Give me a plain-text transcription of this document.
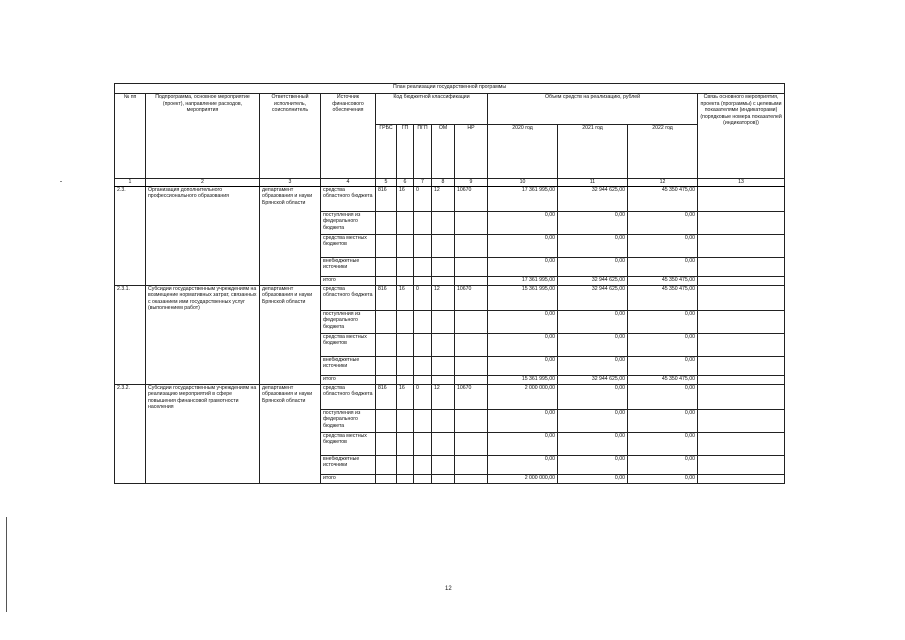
План реализации государственной программы												
№ пп	Подпрограмма, основное мероприятие (проект), направление расходов, мероприятия	Ответственный исполнитель, соисполнитель	Источник финансового обеспечения	Код бюджетной классификации					Объем средств на реализацию, рублей			Связь основного мероприятия, проекта (программы) с целевыми показателями (индикаторами) (порядковые номера показателей (индикаторов))
				ГРБС	ГП	ПГП	ОМ	НР	2020 год	2021 год	2022 год	
1	2	3	4	5	6	7	8	9	10	11	12	13
2.3.	Организация дополнительного профессионального образования	департамент образования и науки Брянской области	средства областного бюджета	816	16	0	12	10670	17 361 995,00	32 944 625,00	45 350 475,00	
			поступления из федерального бюджета						0,00	0,00	0,00	
			средства местных бюджетов						0,00	0,00	0,00	
			внебюджетные источники						0,00	0,00	0,00	
			итого						17 361 995,00	32 944 625,00	45 350 475,00	
2.3.1.	Субсидии государственным учреждениям на возмещение нормативных затрат, связанных с оказанием ими государственных услуг (выполнением работ)	департамент образования и науки Брянской области	средства областного бюджета	816	16	0	12	10670	15 361 995,00	32 944 625,00	45 350 475,00	
			поступления из федерального бюджета						0,00	0,00	0,00	
			средства местных бюджетов						0,00	0,00	0,00	
			внебюджетные источники						0,00	0,00	0,00	
			итого						15 361 995,00	32 944 625,00	45 350 475,00	
2.3.2.	Субсидии государственным учреждениям на реализацию мероприятий в сфере повышения финансовой грамотности населения	департамент образования и науки Брянской области	средства областного бюджета	816	16	0	12	10670	2 000 000,00	0,00	0,00	
			поступления из федерального бюджета						0,00	0,00	0,00	
			средства местных бюджетов						0,00	0,00	0,00	
			внебюджетные источники						0,00	0,00	0,00	
			итого						2 000 000,00	0,00	0,00	
12
